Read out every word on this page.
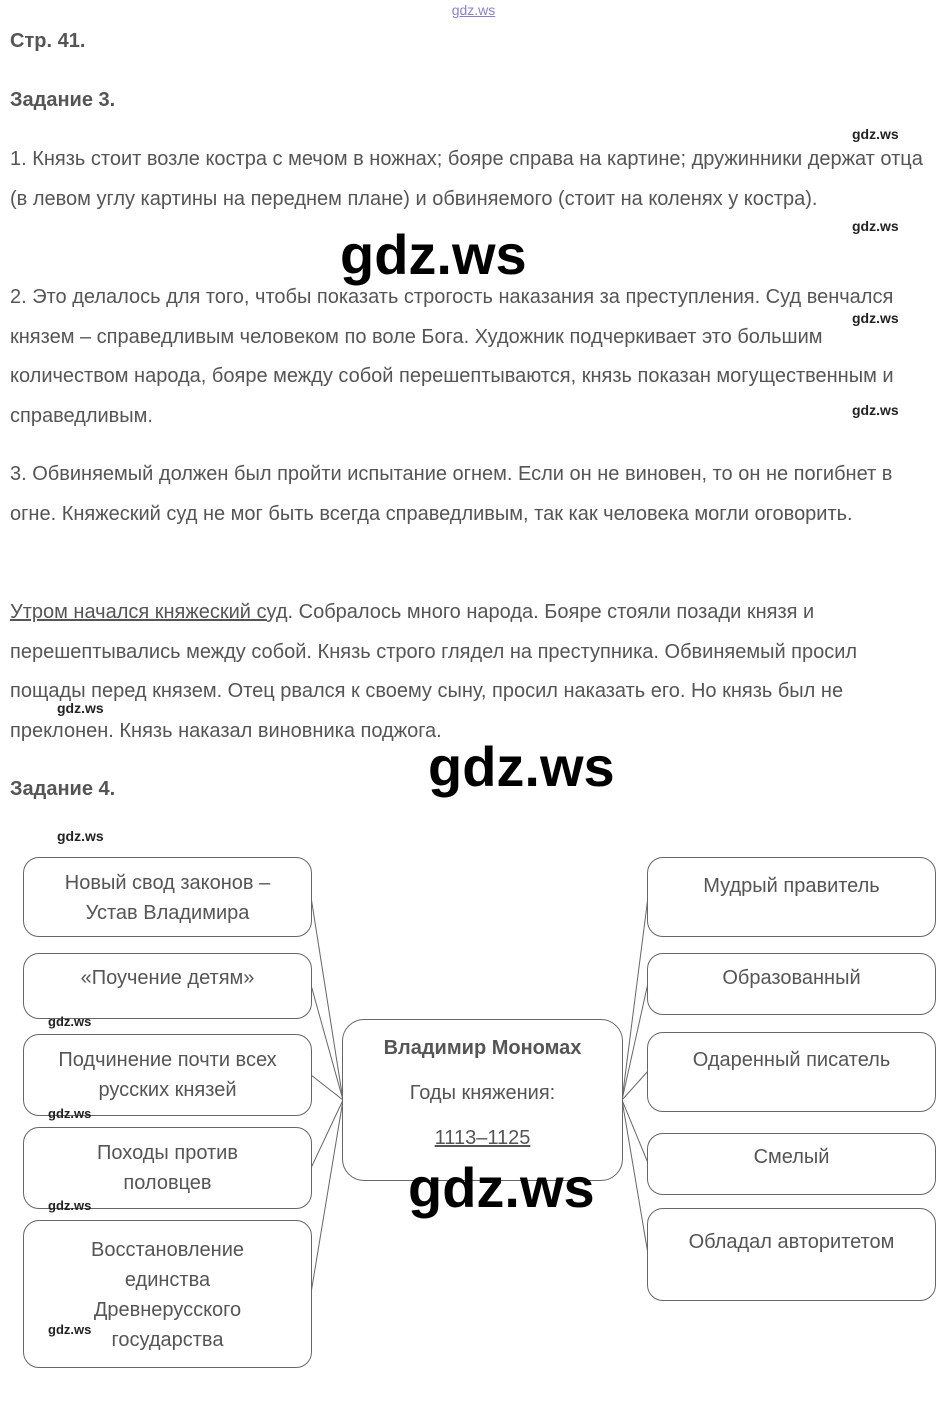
gdz.ws
Стр. 41.
Задание 3.
1. Князь стоит возле костра с мечом в ножнах; бояре справа на картине; дружинники держат отца (в левом углу картины на переднем плане) и обвиняемого (стоит на коленях у костра).
2. Это делалось для того, чтобы показать строгость наказания за преступления. Суд венчался князем – справедливым человеком по воле Бога. Художник подчеркивает это большим количеством народа, бояре между собой перешептываются, князь показан могущественным и справедливым.
3. Обвиняемый должен был пройти испытание огнем. Если он не виновен, то он не погибнет в огне. Княжеский суд не мог быть всегда справедливым, так как человека могли оговорить.
Утром начался княжеский суд. Собралось много народа. Бояре стояли позади князя и перешептывались между собой. Князь строго глядел на преступника. Обвиняемый просил пощады перед князем. Отец рвался к своему сыну, просил наказать его. Но князь был не преклонен. Князь наказал виновника поджога.
Задание 4.
gdz.ws
gdz.ws
gdz.ws
gdz.ws
gdz.ws
gdz.ws
gdz.ws
gdz.ws
Новый свод законов – Устав Владимира
«Поучение детям»
Подчинение почти всех русских князей
Походы против половцев
Восстановление единства Древнерусского государства
gdz.ws
gdz.ws
gdz.ws
gdz.ws
Владимир Мономах
Годы княжения:
1113–1125
gdz.ws
Мудрый правитель
Образованный
Одаренный писатель
Смелый
Обладал авторитетом
